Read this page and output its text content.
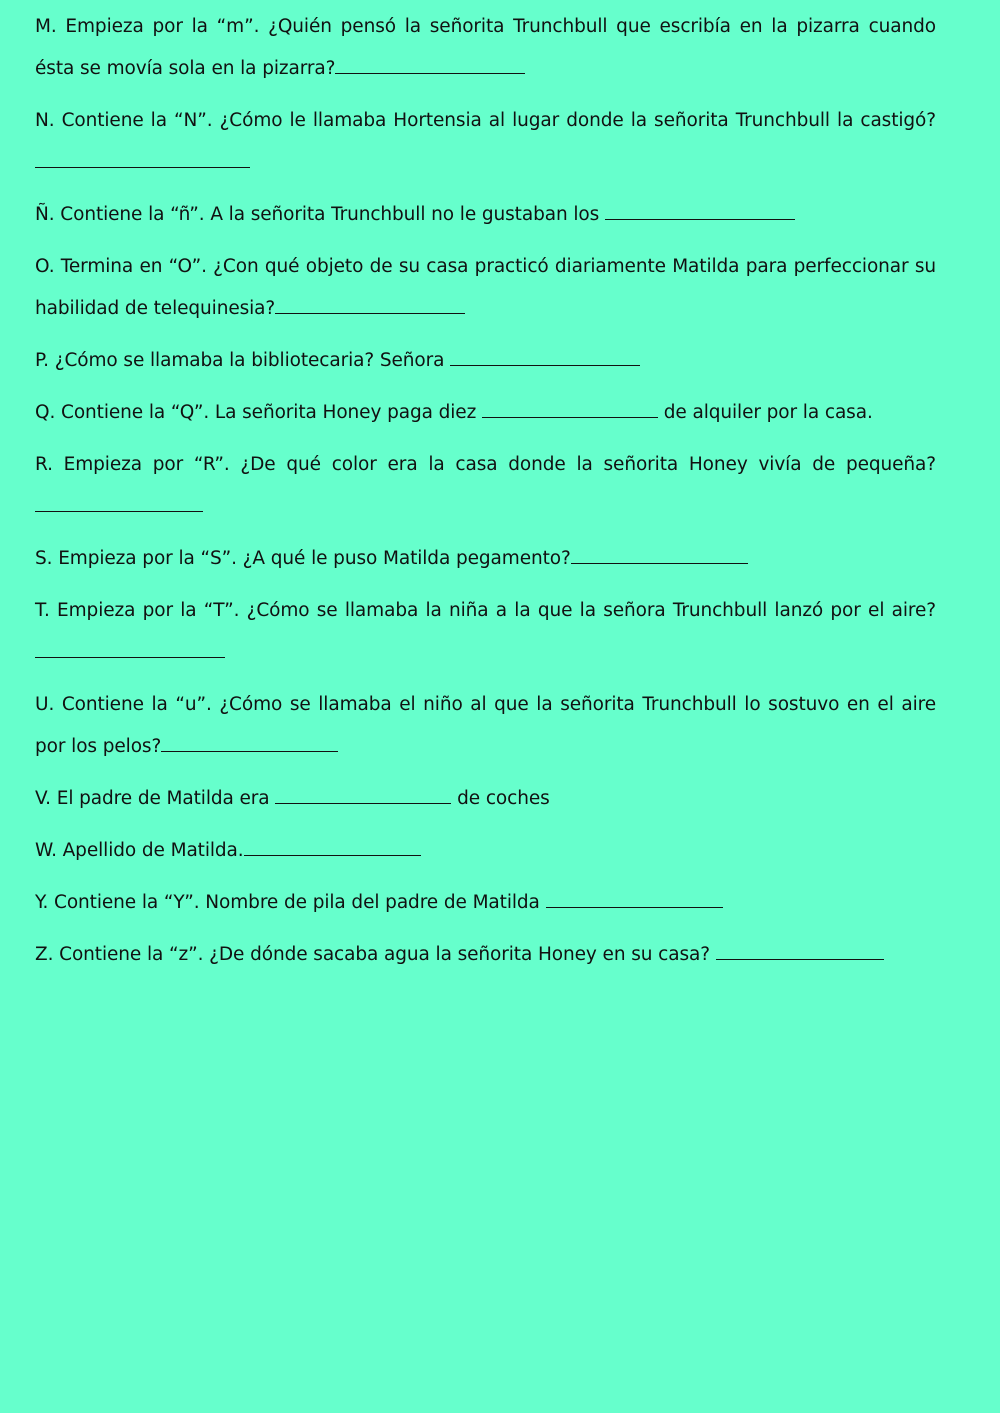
M. Empieza por la “m”. ¿Quién pensó la señorita Trunchbull que escribía en la pizarra cuando ésta se movía sola en la pizarra?

N. Contiene la “N”. ¿Cómo le llamaba Hortensia al lugar donde la señorita Trunchbull la castigó?

Ñ. Contiene la “ñ”. A la señorita Trunchbull no le gustaban los

O. Termina en “O”. ¿Con qué objeto de su casa practicó diariamente Matilda para perfeccionar su habilidad de telequinesia?

P. ¿Cómo se llamaba la bibliotecaria? Señora

Q. Contiene la “Q”. La señorita Honey paga diez	de alquiler por la casa.

R. Empieza por “R”. ¿De qué color era la casa donde la señorita Honey vivía de pequeña?

S. Empieza por la “S”. ¿A qué le puso Matilda pegamento?

T. Empieza por la “T”. ¿Cómo se llamaba la niña a la que la señora Trunchbull lanzó por el aire?

U. Contiene la “u”. ¿Cómo se llamaba el niño al que la señorita Trunchbull lo sostuvo en el aire por los pelos?

V. El padre de Matilda era	de coches

W. Apellido de Matilda.

Y. Contiene la “Y”. Nombre de pila del padre de Matilda

Z. Contiene la “z”. ¿De dónde sacaba agua la señorita Honey en su casa?
